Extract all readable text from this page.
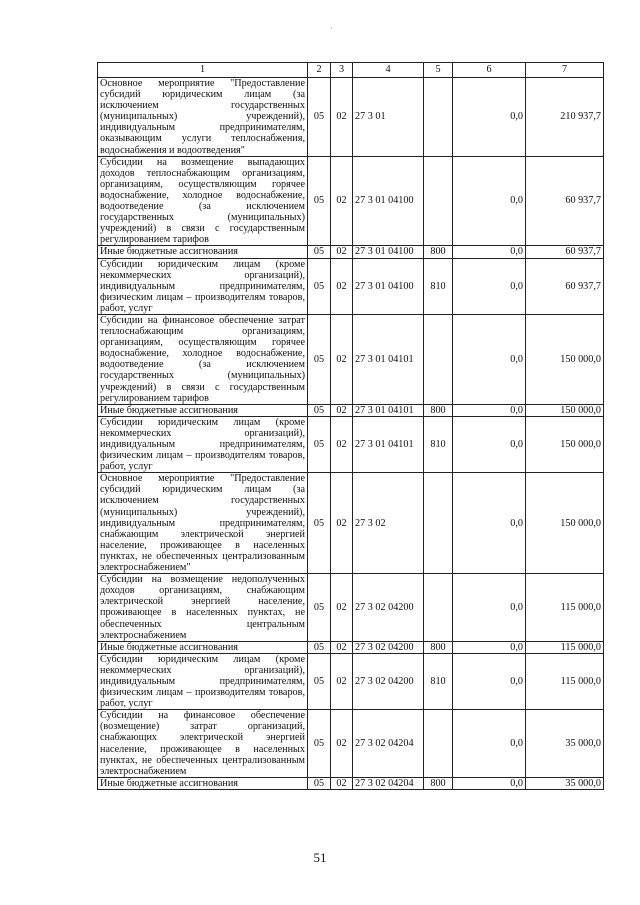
·
1	2	3	4	5	6	7
Основное мероприятие "Предоставление субсидий юридическим лицам (за исключением государственных (муниципальных) учреждений), индивидуальным предпринимателям, оказывающим услуги теплоснабжения, водоснабжения и водоотведения"	05	02	27 3 01		0,0	210 937,7
Субсидии на возмещение выпадающих доходов теплоснабжающим организациям, организациям, осуществляющим горячее водоснабжение, холодное водоснабжение, водоотведение (за исключением государственных (муниципальных) учреждений) в связи с государственным регулированием тарифов	05	02	27 3 01 04100		0,0	60 937,7
Иные бюджетные ассигнования	05	02	27 3 01 04100	800	0,0	60 937,7
Субсидии юридическим лицам (кроме некоммерческих организаций), индивидуальным предпринимателям, физическим лицам – производителям товаров, работ, услуг	05	02	27 3 01 04100	810	0,0	60 937,7
Субсидии на финансовое обеспечение затрат теплоснабжающим организациям, организациям, осуществляющим горячее водоснабжение, холодное водоснабжение, водоотведение (за исключением государственных (муниципальных) учреждений) в связи с государственным регулированием тарифов	05	02	27 3 01 04101		0,0	150 000,0
Иные бюджетные ассигнования	05	02	27 3 01 04101	800	0,0	150 000,0
Субсидии юридическим лицам (кроме некоммерческих организаций), индивидуальным предпринимателям, физическим лицам – производителям товаров, работ, услуг	05	02	27 3 01 04101	810	0,0	150 000,0
Основное мероприятие "Предоставление субсидий юридическим лицам (за исключением государственных (муниципальных) учреждений), индивидуальным предпринимателям, снабжающим электрической энергией население, проживающее в населенных пунктах, не обеспеченных централизованным электроснабжением"	05	02	27 3 02		0,0	150 000,0
Субсидии на возмещение недополученных доходов организациям, снабжающим электрической энергией население, проживающее в населенных пунктах, не обеспеченных центральным электроснабжением	05	02	27 3 02 04200		0,0	115 000,0
Иные бюджетные ассигнования	05	02	27 3 02 04200	800	0,0	115 000,0
Субсидии юридическим лицам (кроме некоммерческих организаций), индивидуальным предпринимателям, физическим лицам – производителям товаров, работ, услуг	05	02	27 3 02 04200	810	0,0	115 000,0
Субсидии на финансовое обеспечение (возмещение) затрат организаций, снабжающих электрической энергией население, проживающее в населенных пунктах, не обеспеченных централизованным электроснабжением	05	02	27 3 02 04204		0,0	35 000,0
Иные бюджетные ассигнования	05	02	27 3 02 04204	800	0,0	35 000,0
51
